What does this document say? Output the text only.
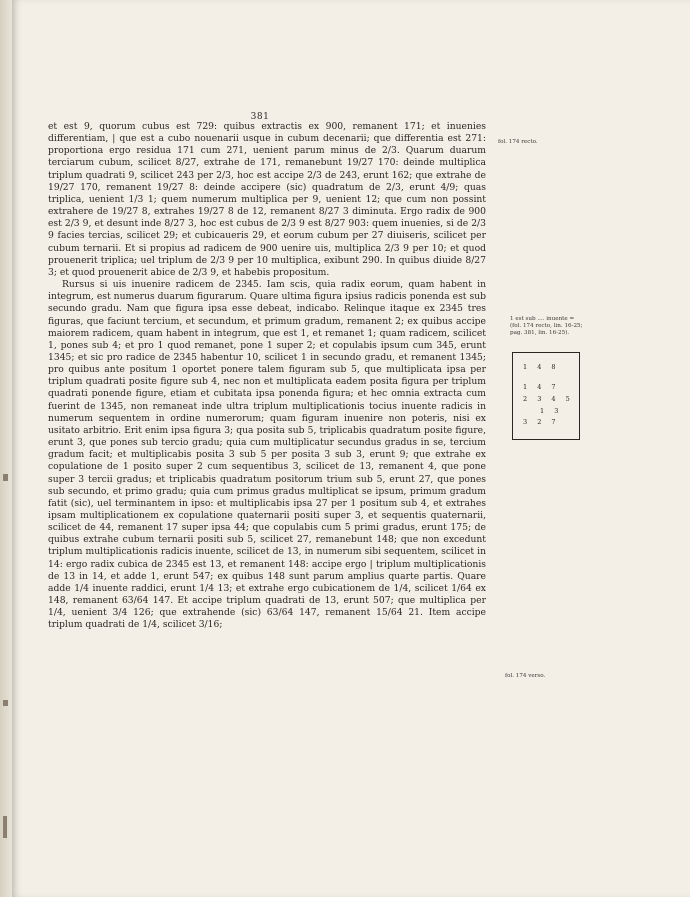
381

et est 9, quorum cubus est 729: quibus extractis ex 900, remanent 171; et inuenies differentiam, | que est a cubo nouenarii usque in cubum decenarii; que differentia est 271: proportiona ergo residua 171 cum 271, uenient parum minus de 2/3. Quarum duarum terciarum cubum, scilicet 8/27, extrahe de 171, remanebunt 19/27 170: deinde multiplica triplum quadrati 9, scilicet 243 per 2/3, hoc est accipe 2/3 de 243, erunt 162; que extrahe de 19/27 170, remanent 19/27 8: deinde accipere (sic) quadratum de 2/3, erunt 4/9; quas triplica, uenient 1/3 1; quem numerum multiplica per 9, uenient 12; que cum non possint extrahere de 19/27 8, extrahes 19/27 8 de 12, remanent 8/27 3 diminuta. Ergo radix de 900 est 2/3 9, et desunt inde 8/27 3, hoc est cubus de 2/3 9 est 8/27 903: quem inuenies, si de 2/3 9 facies tercias, scilicet 29; et cubicaueris 29, et eorum cubum per 27 diuiseris, scilicet per cubum ternarii. Et si propius ad radicem de 900 uenire uis, multiplica 2/3 9 per 10; et quod prouenerit triplica; uel triplum de 2/3 9 per 10 multiplica, exibunt 290. In quibus diuide 8/27 3; et quod prouenerit abice de 2/3 9, et habebis propositum.

Rursus si uis inuenire radicem de 2345. Iam scis, quia radix eorum, quam habent in integrum, est numerus duarum figurarum. Quare ultima figura ipsius radicis ponenda est sub secundo gradu. Nam que figura ipsa esse debeat, indicabo. Relinque itaque ex 2345 tres figuras, que faciunt tercium, et secundum, et primum gradum, remanent 2; ex quibus accipe maiorem radicem, quam habent in integrum, que est 1, et remanet 1; quam radicem, scilicet 1, pones sub 4; et pro 1 quod remanet, pone 1 super 2; et copulabis ipsum cum 345, erunt 1345; et sic pro radice de 2345 habentur 10, scilicet 1 in secundo gradu, et remanent 1345; pro quibus ante positum 1 oportet ponere talem figuram sub 5, que multiplicata ipsa per triplum quadrati posite figure sub 4, nec non et multiplicata eadem posita figura per triplum quadrati ponende figure, etiam et cubitata ipsa ponenda figura; et hec omnia extracta cum fuerint de 1345, non remaneat inde ultra triplum multiplicationis tocius inuente radicis in numerum sequentem in ordine numerorum; quam figuram inuenire non poteris, nisi ex usitato arbitrio. Erit enim ipsa figura 3; qua posita sub 5, triplicabis quadratum posite figure, erunt 3, que pones sub tercio gradu; quia cum multiplicatur secundus gradus in se, tercium gradum facit; et multiplicabis posita 3 sub 5 per posita 3 sub 3, erunt 9; que extrahe ex copulatione de 1 posito super 2 cum sequentibus 3, scilicet de 13, remanent 4, que pone super 3 tercii gradus; et triplicabis quadratum positorum trium sub 5, erunt 27, que pones sub secundo, et primo gradu; quia cum primus gradus multiplicat se ipsum, primum gradum fatit (sic), uel terminantem in ipso: et multiplicabis ipsa 27 per 1 positum sub 4, et extrahes ipsam multiplicationem ex copulatione quaternarii positi super 3, et sequentis quaternarii, scilicet de 44, remanent 17 super ipsa 44; que copulabis cum 5 primi gradus, erunt 175; de quibus extrahe cubum ternarii positi sub 5, scilicet 27, remanebunt 148; que non excedunt triplum multiplicationis radicis inuente, scilicet de 13, in numerum sibi sequentem, scilicet in 14: ergo radix cubica de 2345 est 13, et remanent 148: accipe ergo | triplum multiplicationis de 13 in 14, et adde 1, erunt 547; ex quibus 148 sunt parum amplius quarte partis. Quare adde 1/4 inuente raddici, erunt 1/4 13; et extrahe ergo cubicationem de 1/4, scilicet 1/64 ex 148, remanent 63/64 147. Et accipe triplum quadrati de 13, erunt 507; que multiplica per 1/4, uenient 3/4 126; que extrahende (sic) 63/64 147, remanent 15/64 21. Item accipe triplum quadrati de 1/4, scilicet 3/16;

fol. 174 recto.
1 est sub .... inuente = (fol. 174 recto, lin. 16-25; pag. 381, lin. 16-25).
1 4 8
1 4 7
2 3 4 5
1 3
3 2 7
fol. 174 verso.
